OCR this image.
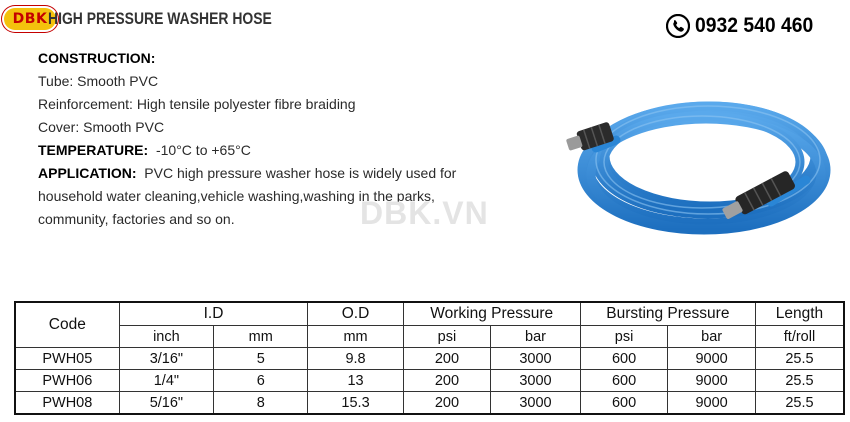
DBK HIGH PRESSURE WASHER HOSE	0932 540 460

CONSTRUCTION:

Tube: Smooth PVC

Reinforcement: High tensile polyester fibre braiding

Cover: Smooth PVC

TEMPERATURE: -10°C to +65°C

APPLICATION: PVC high pressure washer hose is widely used for household water cleaning,vehicle washing,washing in the parks, community, factories and so on.	DBK.VN
Code	I.D		O.D	Working Pressure		Bursting Pressure		Length
	inch	mm	mm	psi	bar	psi	bar	ft/roll
PWH05	3/16"	5	9.8	200	3000	600	9000	25.5
PWH06	1/4"	6	13	200	3000	600	9000	25.5
PWH08	5/16"	8	15.3	200	3000	600	9000	25.5
